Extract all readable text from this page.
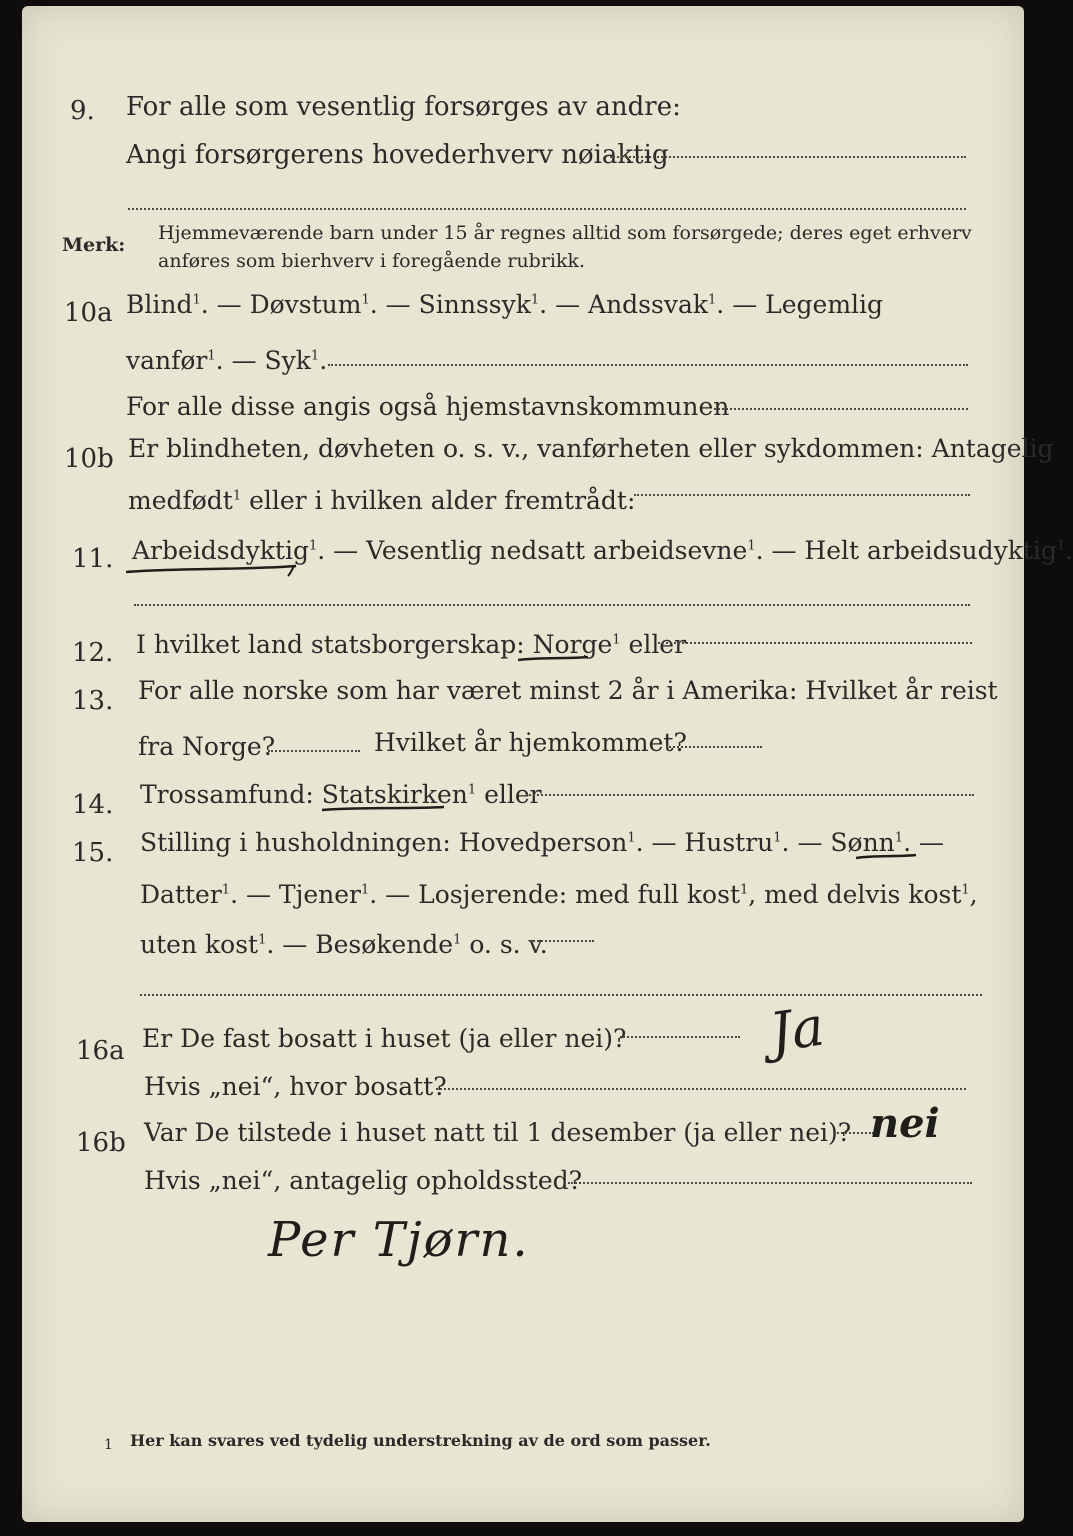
9. For alle som vesentlig forsørges av andre:
Angi forsørgerens hovederhverv nøiaktig
Merk:
Hjemmeværende barn under 15 år regnes alltid som forsørgede; deres eget erhverv
anføres som bierhverv i foregående rubrikk.
10a Blind$^1$. — Døvstum$^1$. — Sinnssyk$^1$. — Andssvak$^1$. — Legemlig
vanfør$^1$. — Syk$^1$.
For alle disse angis også hjemstavnskommunen
10b Er blindheten, døvheten o. s. v., vanførheten eller sykdommen: Antagelig
medfødt$^1$ eller i hvilken alder fremtrådt:
11. Arbeidsdyktig$^1$. — Vesentlig nedsatt arbeidsevne$^1$. — Helt arbeidsudyktig$^1$.
12. I hvilket land statsborgerskap: Norge$^1$ eller
13. For alle norske som har været minst 2 år i Amerika: Hvilket år reist
fra Norge?	Hvilket år hjemkommet?
14. Trossamfund: Statskirken$^1$ eller
15. Stilling i husholdningen: Hovedperson$^1$. — Hustru$^1$. — Sønn$^1$. —
Datter$^1$. — Tjener$^1$. — Losjerende: med full kost$^1$, med delvis kost$^1$,
uten kost$^1$. — Besøkende$^1$ o. s. v.
16a Er De fast bosatt i huset (ja eller nei)?	Ja
Hvis „nei“, hvor bosatt?
16b Var De tilstede i huset natt til 1 desember (ja eller nei)? nei
Hvis „nei“, antagelig opholdssted?
Per Tjørn.
1 Her kan svares ved tydelig understrekning av de ord som passer.
